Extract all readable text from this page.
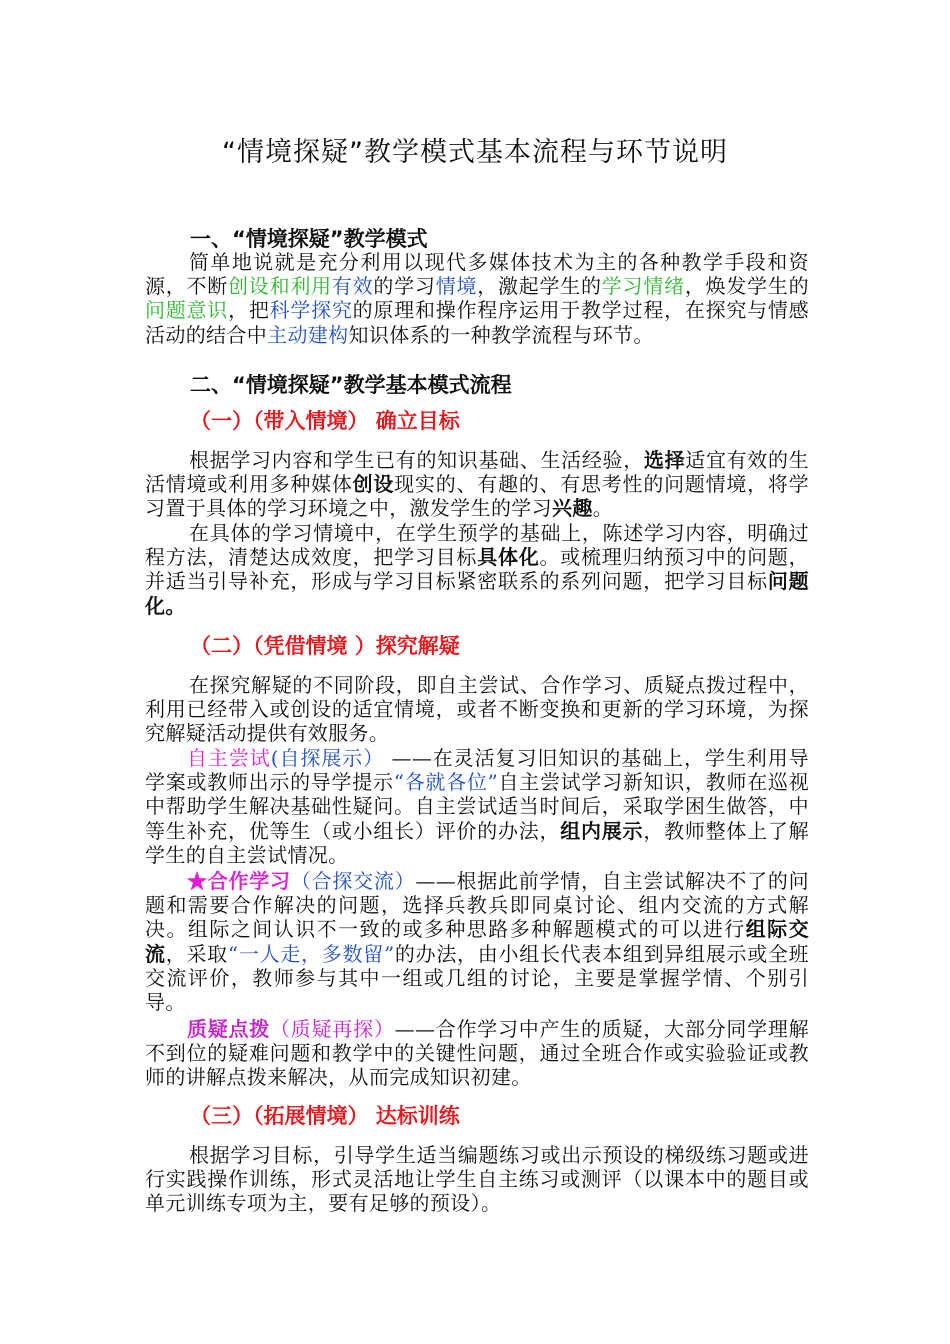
“情境探疑”教学模式基本流程与环节说明
一、“情境探疑”教学模式
简单地说就是充分利用以现代多媒体技术为主的各种教学手段和资源，不断创设和利用有效的学习情境，激起学生的学习情绪，焕发学生的问题意识，把科学探究的原理和操作程序运用于教学过程，在探究与情感活动的结合中主动建构知识体系的一种教学流程与环节。
二、“情境探疑”教学基本模式流程
（一）（带入情境） 确立目标
根据学习内容和学生已有的知识基础、生活经验，选择适宜有效的生活情境或利用多种媒体创设现实的、有趣的、有思考性的问题情境，将学习置于具体的学习环境之中，激发学生的学习兴趣。
在具体的学习情境中，在学生预学的基础上，陈述学习内容，明确过程方法，清楚达成效度，把学习目标具体化。或梳理归纳预习中的问题，并适当引导补充，形成与学习目标紧密联系的系列问题，把学习目标问题化。
（二）（凭借情境 ）探究解疑
在探究解疑的不同阶段，即自主尝试、合作学习、质疑点拨过程中，利用已经带入或创设的适宜情境，或者不断变换和更新的学习环境，为探究解疑活动提供有效服务。
自主尝试(自探展示） ——在灵活复习旧知识的基础上，学生利用导学案或教师出示的导学提示“各就各位”自主尝试学习新知识，教师在巡视中帮助学生解决基础性疑问。自主尝试适当时间后，采取学困生做答，中等生补充，优等生（或小组长）评价的办法，组内展示，教师整体上了解学生的自主尝试情况。
★合作学习（合探交流）——根据此前学情，自主尝试解决不了的问题和需要合作解决的问题，选择兵教兵即同桌讨论、组内交流的方式解决。组际之间认识不一致的或多种思路多种解题模式的可以进行组际交流，采取“一人走，多数留”的办法，由小组长代表本组到异组展示或全班交流评价，教师参与其中一组或几组的讨论，主要是掌握学情、个别引导。
质疑点拨（质疑再探）——合作学习中产生的质疑，大部分同学理解不到位的疑难问题和教学中的关键性问题，通过全班合作或实验验证或教师的讲解点拨来解决，从而完成知识初建。
（三）（拓展情境） 达标训练
根据学习目标，引导学生适当编题练习或出示预设的梯级练习题或进行实践操作训练，形式灵活地让学生自主练习或测评（以课本中的题目或单元训练专项为主，要有足够的预设）。
